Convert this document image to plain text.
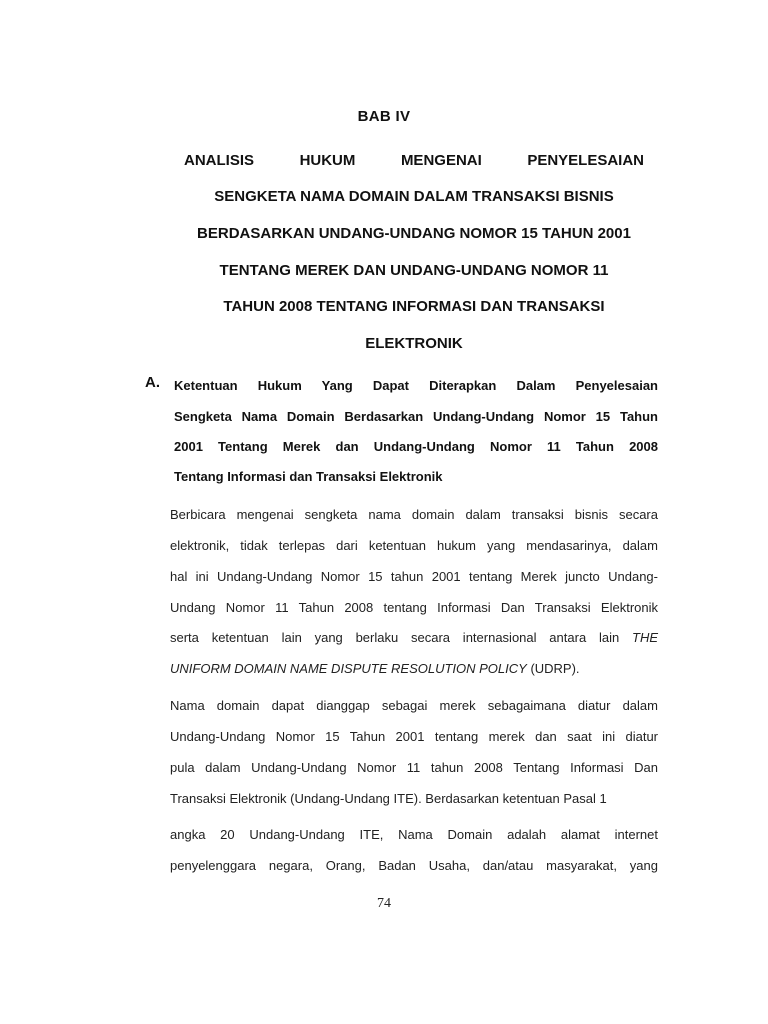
BAB IV
ANALISIS	HUKUM	MENGENAI	PENYELESAIAN
SENGKETA NAMA DOMAIN DALAM TRANSAKSI BISNIS
BERDASARKAN UNDANG-UNDANG NOMOR 15 TAHUN 2001
TENTANG MEREK DAN UNDANG-UNDANG NOMOR 11
TAHUN 2008 TENTANG INFORMASI DAN TRANSAKSI
ELEKTRONIK
A. Ketentuan Hukum Yang Dapat Diterapkan Dalam Penyelesaian
Sengketa Nama Domain Berdasarkan Undang-Undang Nomor 15 Tahun
2001 Tentang Merek dan Undang-Undang Nomor 11 Tahun 2008
Tentang Informasi dan Transaksi Elektronik
Berbicara mengenai sengketa nama domain dalam transaksi bisnis secara
elektronik, tidak terlepas dari ketentuan hukum yang mendasarinya, dalam
hal ini Undang-Undang Nomor 15 tahun 2001 tentang Merek juncto Undang-
Undang Nomor 11 Tahun 2008 tentang Informasi Dan Transaksi Elektronik
serta ketentuan lain yang berlaku secara internasional antara lain THE
UNIFORM DOMAIN NAME DISPUTE RESOLUTION POLICY (UDRP).
Nama domain dapat dianggap sebagai merek sebagaimana diatur dalam
Undang-Undang Nomor 15 Tahun 2001 tentang merek dan saat ini diatur
pula dalam Undang-Undang Nomor 11 tahun 2008 Tentang Informasi Dan
Transaksi Elektronik (Undang-Undang ITE). Berdasarkan ketentuan Pasal 1
angka 20 Undang-Undang ITE, Nama Domain adalah alamat internet
penyelenggara negara, Orang, Badan Usaha, dan/atau masyarakat, yang
74
